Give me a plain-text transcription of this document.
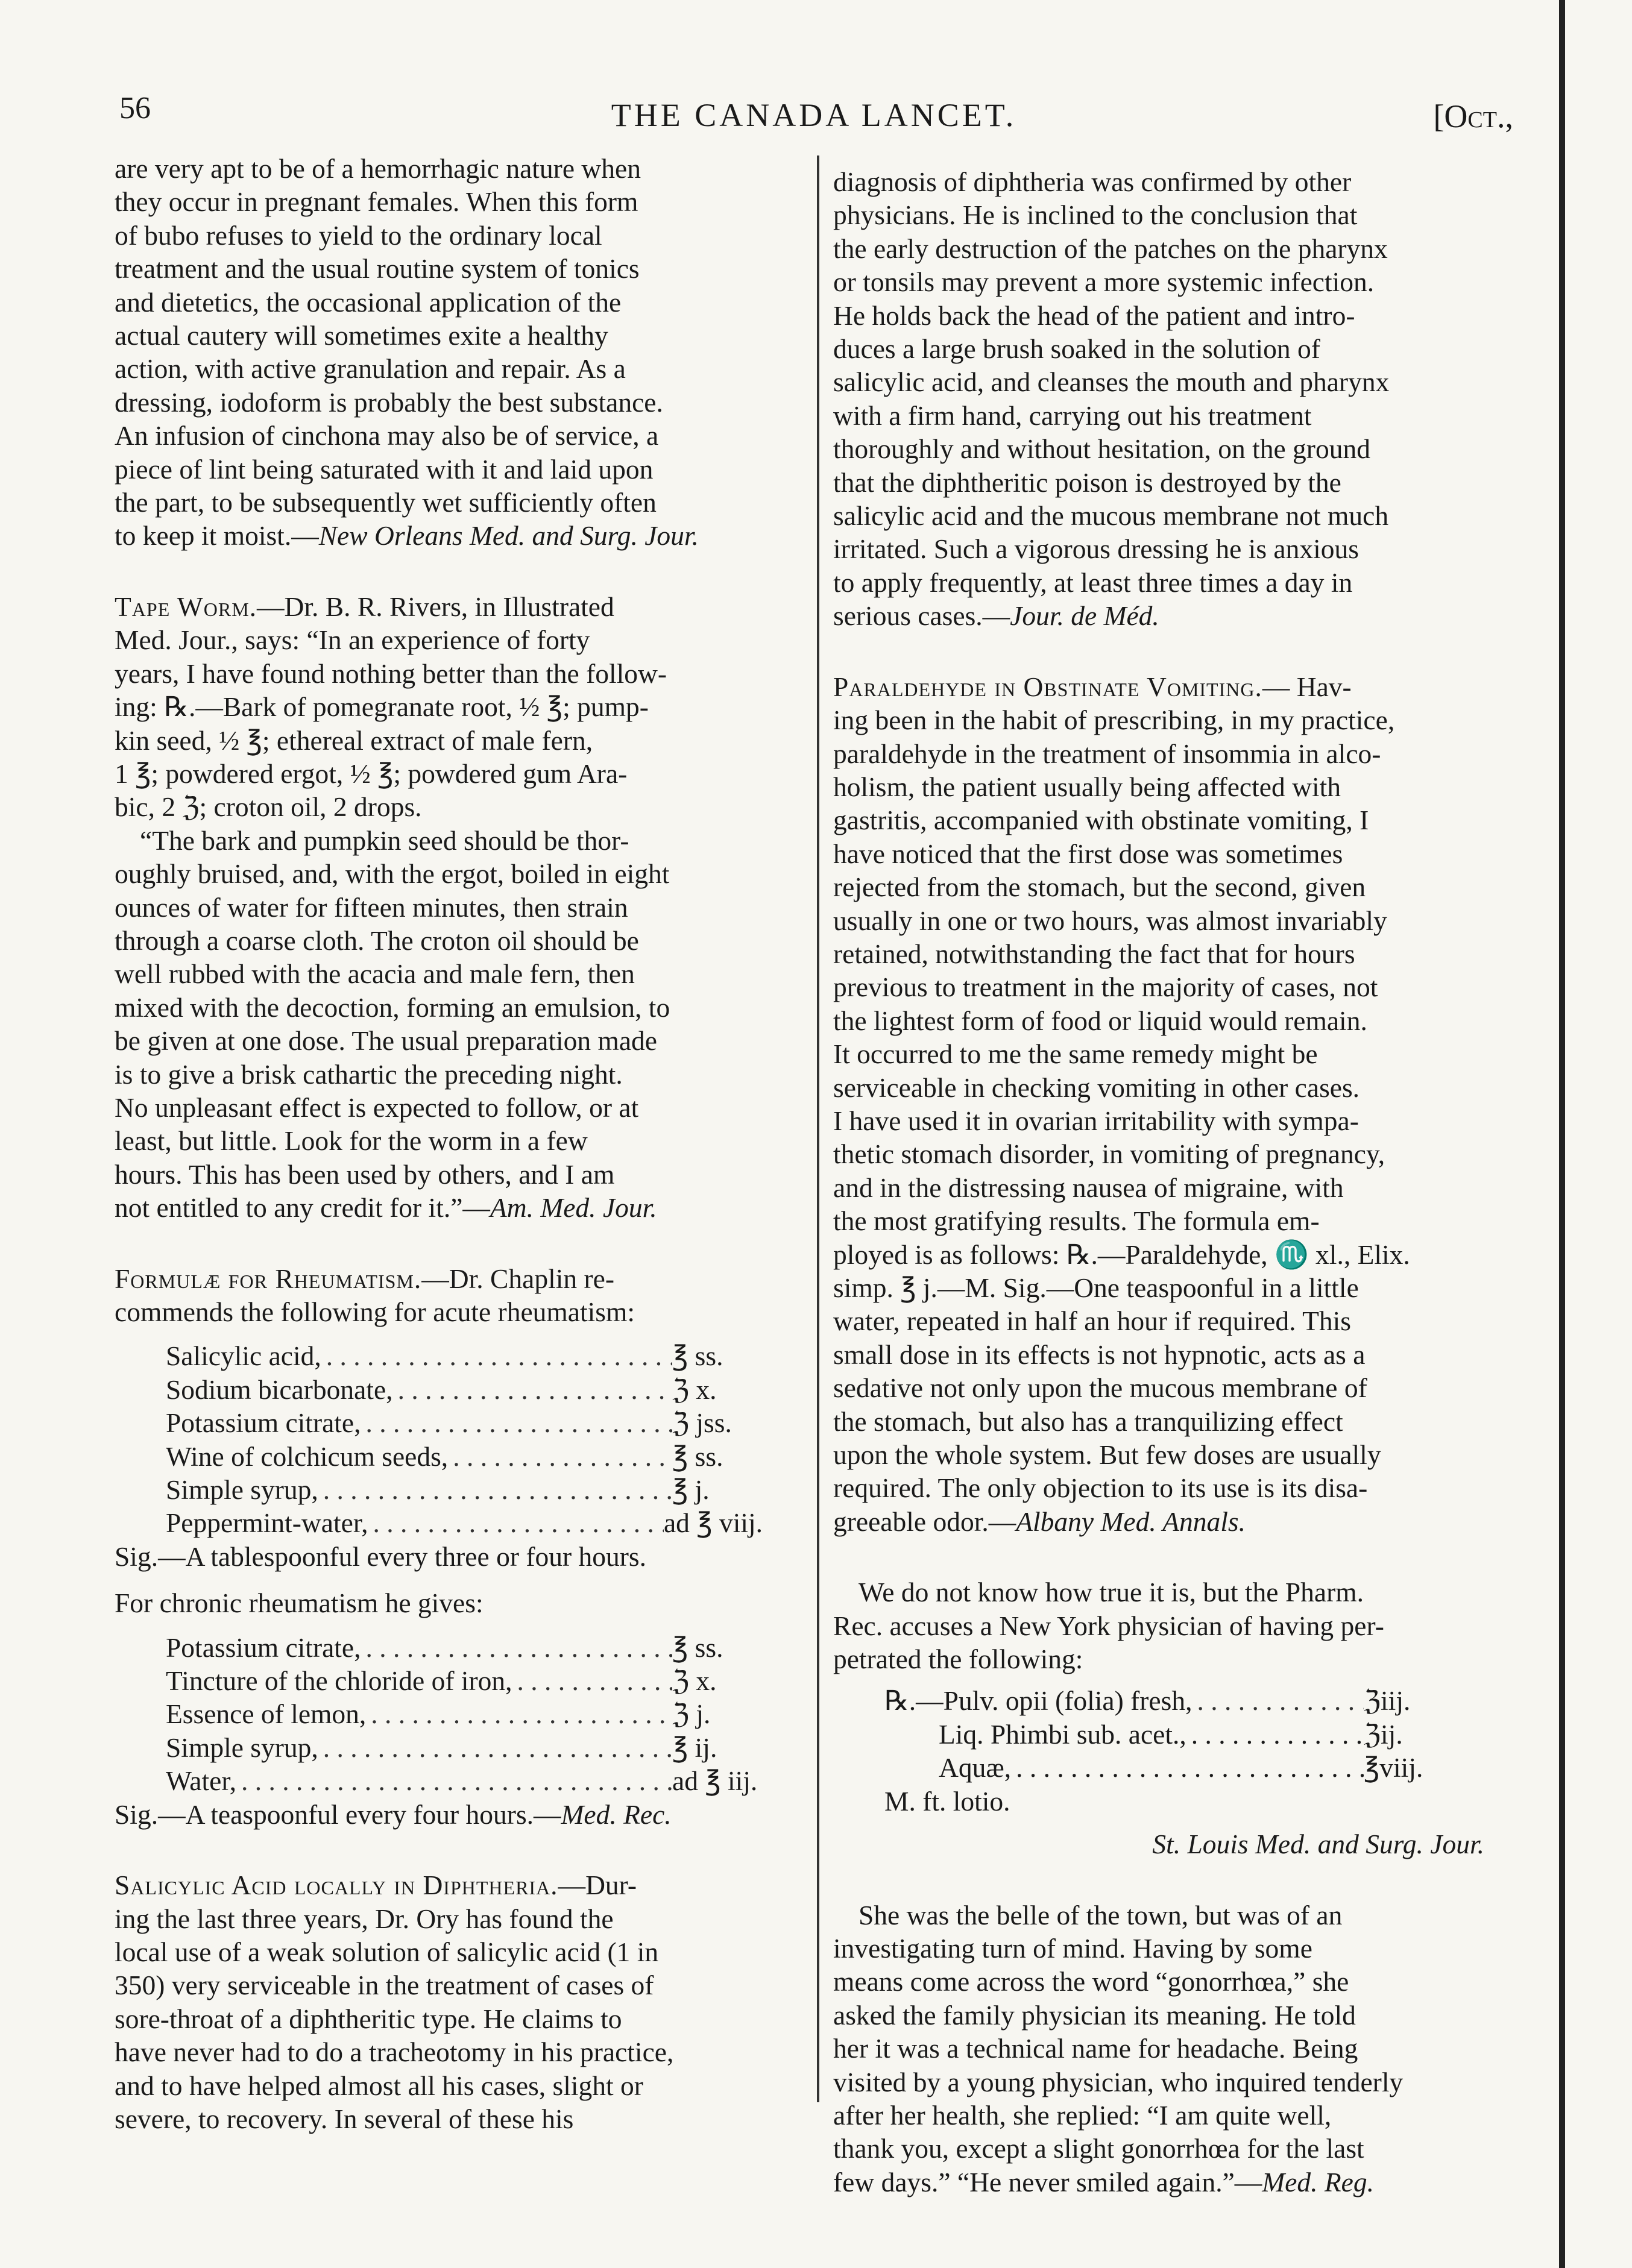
56	THE CANADA LANCET.	[Oct.,

are very apt to be of a hemorrhagic nature when

they occur in pregnant females. When this form

of bubo refuses to yield to the ordinary local

treatment and the usual routine system of tonics

and dietetics, the occasional application of the

actual cautery will sometimes exite a healthy

action, with active granulation and repair. As a

dressing, iodoform is probably the best substance.

An infusion of cinchona may also be of service, a

piece of lint being saturated with it and laid upon

the part, to be subsequently wet sufficiently often

to keep it moist.—New Orleans Med. and Surg. Jour.

Tape Worm.—Dr. B. R. Rivers, in Illustrated

Med. Jour., says: “In an experience of forty

years, I have found nothing better than the follow-

ing: ℞.—Bark of pomegranate root, ½ ℥; pump-

kin seed, ½ ℥; ethereal extract of male fern,

1 ℥; powdered ergot, ½ ℥; powdered gum Ara-

bic, 2 ℨ; croton oil, 2 drops.

“The bark and pumpkin seed should be thor-

oughly bruised, and, with the ergot, boiled in eight

ounces of water for fifteen minutes, then strain

through a coarse cloth. The croton oil should be

well rubbed with the acacia and male fern, then

mixed with the decoction, forming an emulsion, to

be given at one dose. The usual preparation made

is to give a brisk cathartic the preceding night.

No unpleasant effect is expected to follow, or at

least, but little. Look for the worm in a few

hours. This has been used by others, and I am

not entitled to any credit for it.”—Am. Med. Jour.

Formulæ for Rheumatism.—Dr. Chaplin re-

commends the following for acute rheumatism:

Salicylic acid, . . .	℥ ss.
Sodium bicarbonate, . . .	ℨ x.
Potassium citrate, . . .	ℨ jss.
Wine of colchicum seeds, . . .	℥ ss.
Simple syrup, . . .	℥ j.
Peppermint-water, . . .	ad ℥ viij.

Sig.—A tablespoonful every three or four hours.

For chronic rheumatism he gives:

Potassium citrate, . . .	℥ ss.
Tincture of the chloride of iron, . . .	ℨ x.
Essence of lemon, . . .	ℨ j.
Simple syrup, . . .	℥ ij.
Water, . . .	ad ℥ iij.

Sig.—A teaspoonful every four hours.—Med. Rec.

Salicylic Acid locally in Diphtheria.—Dur-

ing the last three years, Dr. Ory has found the

local use of a weak solution of salicylic acid (1 in

350) very serviceable in the treatment of cases of

sore-throat of a diphtheritic type. He claims to

have never had to do a tracheotomy in his practice,

and to have helped almost all his cases, slight or

severe, to recovery. In several of these his

diagnosis of diphtheria was confirmed by other

physicians. He is inclined to the conclusion that

the early destruction of the patches on the pharynx

or tonsils may prevent a more systemic infection.

He holds back the head of the patient and intro-

duces a large brush soaked in the solution of

salicylic acid, and cleanses the mouth and pharynx

with a firm hand, carrying out his treatment

thoroughly and without hesitation, on the ground

that the diphtheritic poison is destroyed by the

salicylic acid and the mucous membrane not much

irritated. Such a vigorous dressing he is anxious

to apply frequently, at least three times a day in

serious cases.—Jour. de Méd.

Paraldehyde in Obstinate Vomiting.— Hav-

ing been in the habit of prescribing, in my practice,

paraldehyde in the treatment of insommia in alco-

holism, the patient usually being affected with

gastritis, accompanied with obstinate vomiting, I

have noticed that the first dose was sometimes

rejected from the stomach, but the second, given

usually in one or two hours, was almost invariably

retained, notwithstanding the fact that for hours

previous to treatment in the majority of cases, not

the lightest form of food or liquid would remain.

It occurred to me the same remedy might be

serviceable in checking vomiting in other cases.

I have used it in ovarian irritability with sympa-

thetic stomach disorder, in vomiting of pregnancy,

and in the distressing nausea of migraine, with

the most gratifying results. The formula em-

ployed is as follows: ℞.—Paraldehyde, ♏ xl., Elix.

simp. ℥ j.—M. Sig.—One teaspoonful in a little

water, repeated in half an hour if required. This

small dose in its effects is not hypnotic, acts as a

sedative not only upon the mucous membrane of

the stomach, but also has a tranquilizing effect

upon the whole system. But few doses are usually

required. The only objection to its use is its disa-

greeable odor.—Albany Med. Annals.

We do not know how true it is, but the Pharm.

Rec. accuses a New York physician of having per-

petrated the following:

℞.—Pulv. opii (folia) fresh, . . .	ℨiij.
Liq. Phimbi sub. acet., . . .	ℨij.
Aquæ, . . .	℥viij.

M. ft. lotio.

St. Louis Med. and Surg. Jour.

She was the belle of the town, but was of an

investigating turn of mind. Having by some

means come across the word “gonorrhœa,” she

asked the family physician its meaning. He told

her it was a technical name for headache. Being

visited by a young physician, who inquired tenderly

after her health, she replied: “I am quite well,

thank you, except a slight gonorrhœa for the last

few days.” “He never smiled again.”—Med. Reg.
